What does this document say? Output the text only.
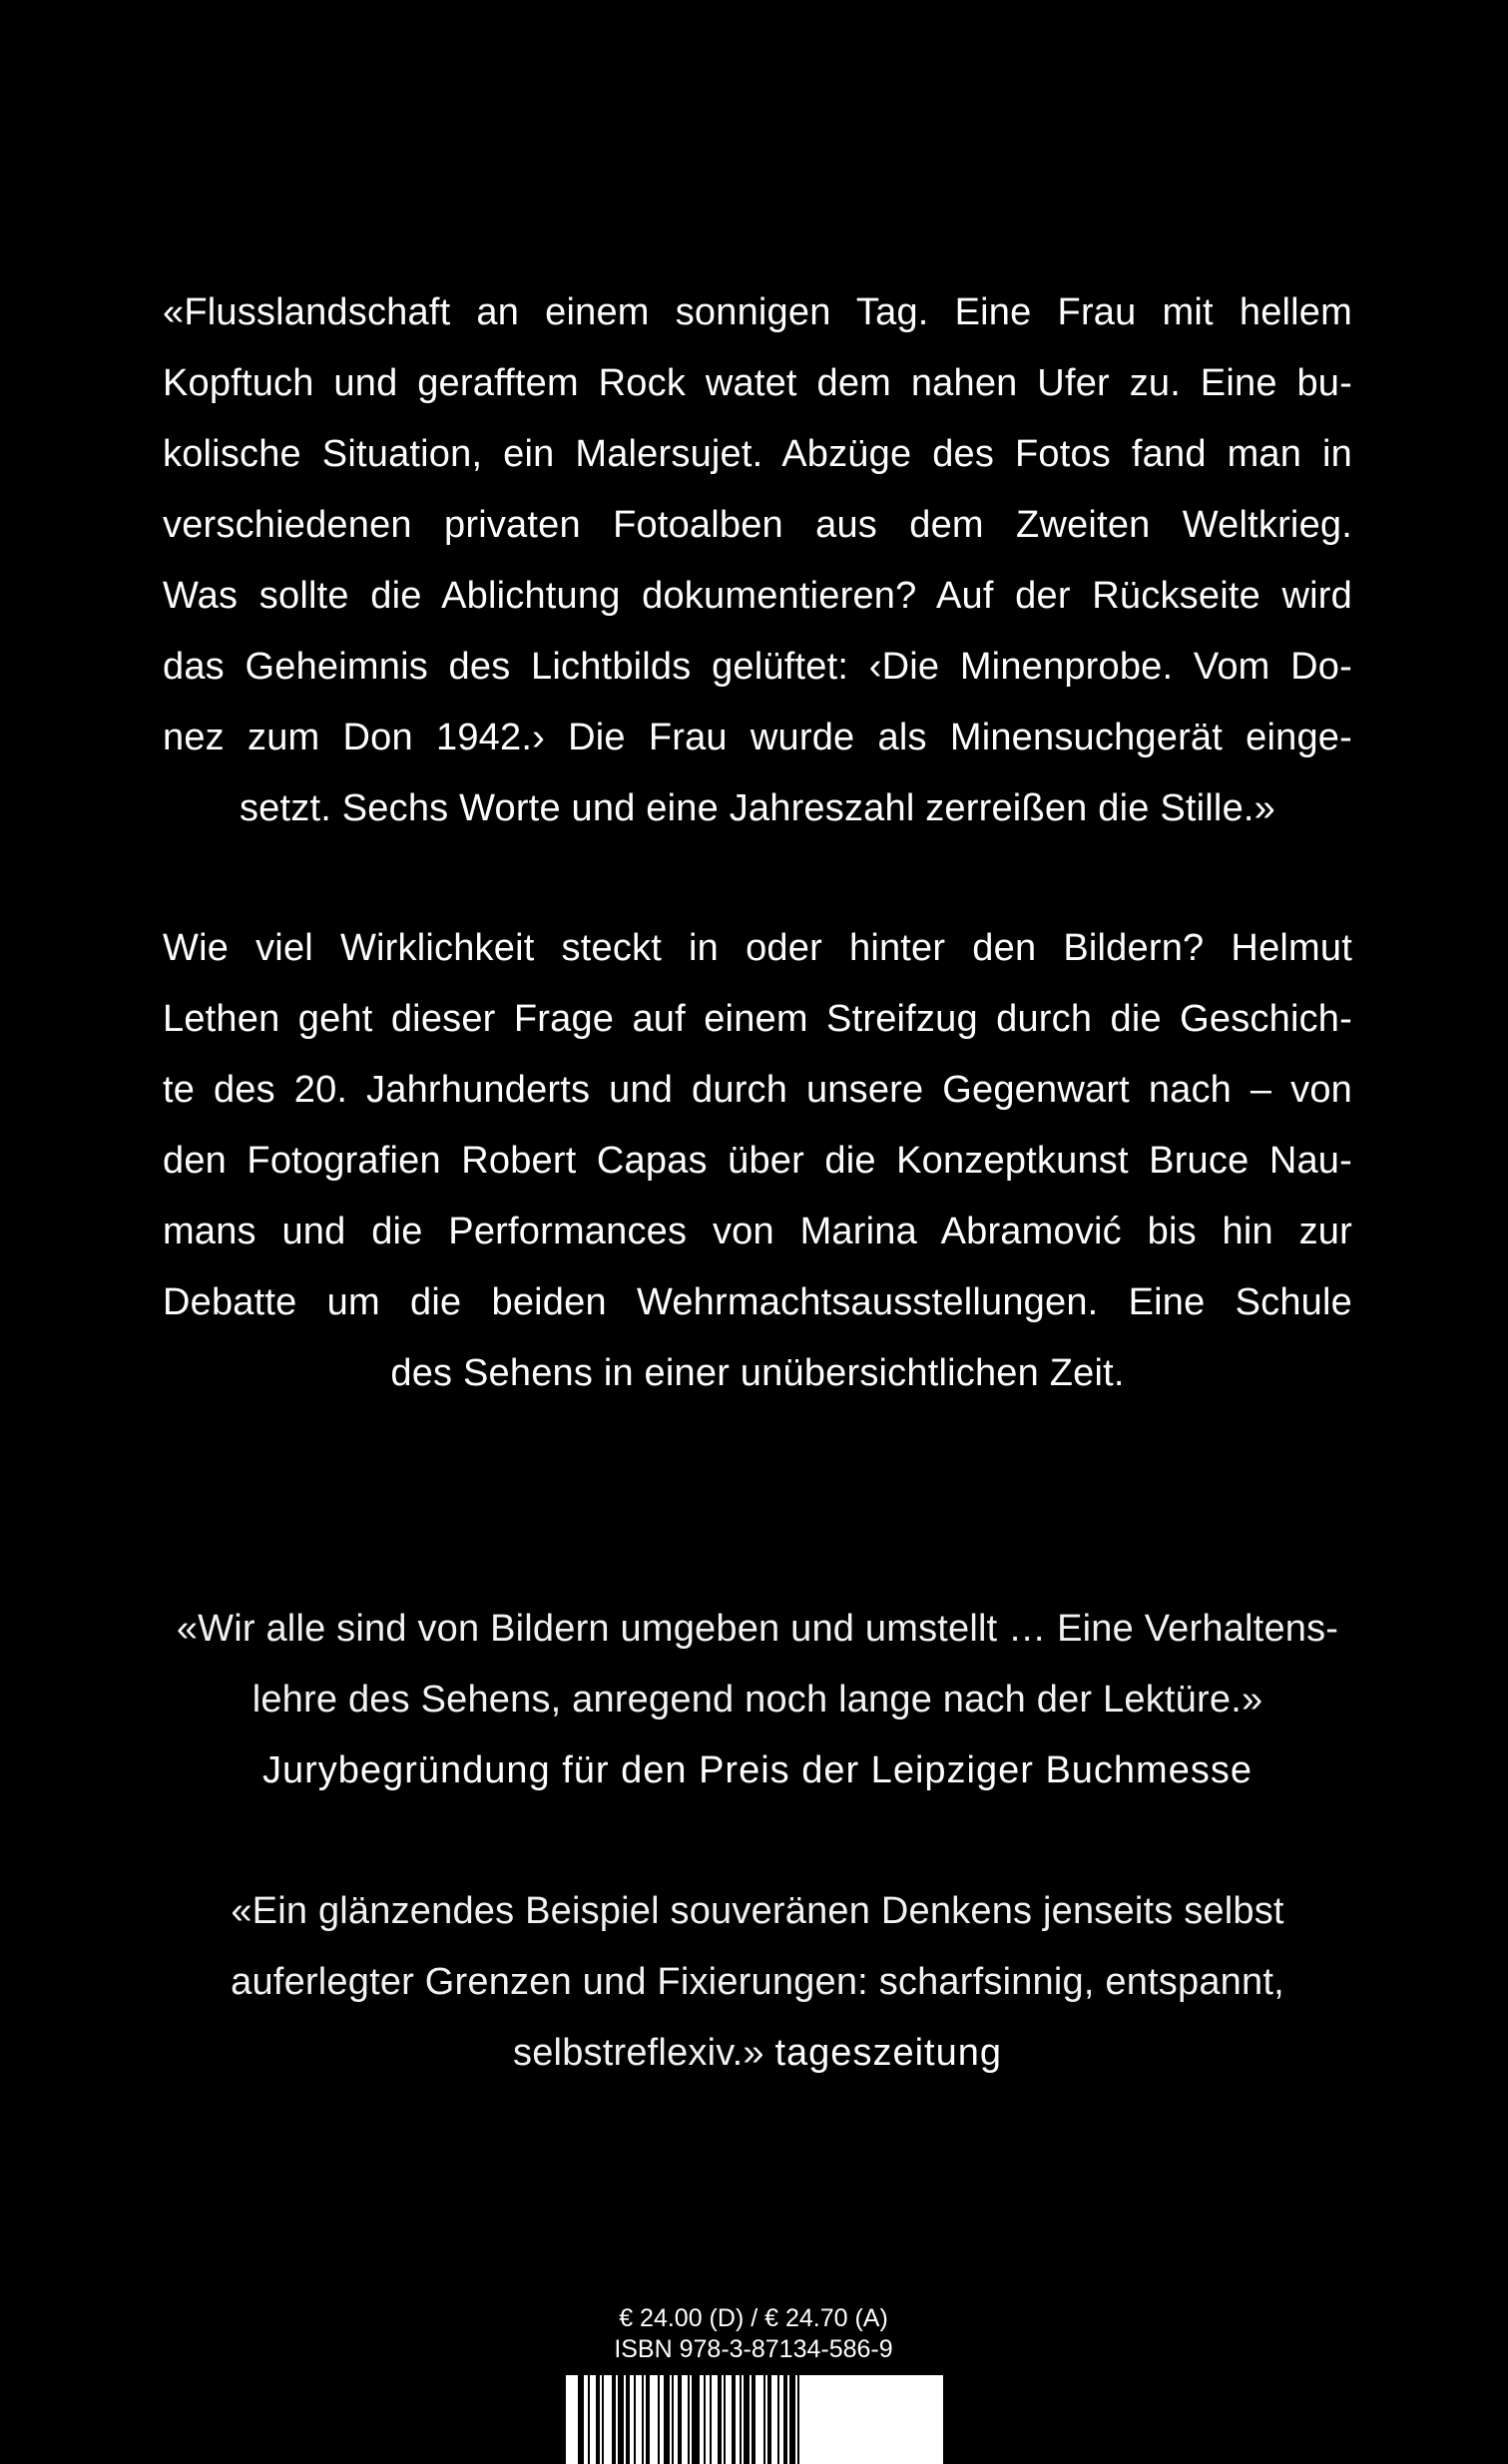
«Flusslandschaft an einem sonnigen Tag. Eine Frau mit hellem
Kopftuch und gerafftem Rock watet dem nahen Ufer zu. Eine bu-
kolische Situation, ein Malersujet. Abzüge des Fotos fand man in
verschiedenen privaten Fotoalben aus dem Zweiten Weltkrieg.
Was sollte die Ablichtung dokumentieren? Auf der Rückseite wird
das Geheimnis des Lichtbilds gelüftet: ‹Die Minenprobe. Vom Do-
nez zum Don 1942.› Die Frau wurde als Minensuchgerät einge-
setzt. Sechs Worte und eine Jahreszahl zerreißen die Stille.»
Wie viel Wirklichkeit steckt in oder hinter den Bildern? Helmut
Lethen geht dieser Frage auf einem Streifzug durch die Geschich-
te des 20. Jahrhunderts und durch unsere Gegenwart nach – von
den Fotografien Robert Capas über die Konzeptkunst Bruce Nau-
mans und die Performances von Marina Abramović bis hin zur
Debatte um die beiden Wehrmachtsausstellungen. Eine Schule
des Sehens in einer unübersichtlichen Zeit.
«Wir alle sind von Bildern umgeben und umstellt … Eine Verhaltens-
lehre des Sehens, anregend noch lange nach der Lektüre.»
Jurybegründung für den Preis der Leipziger Buchmesse
«Ein glänzendes Beispiel souveränen Denkens jenseits selbst
auferlegter Grenzen und Fixierungen: scharfsinnig, entspannt,
selbstreflexiv.» tageszeitung
€ 24.00 (D) / € 24.70 (A)
ISBN 978-3-87134-586-9
